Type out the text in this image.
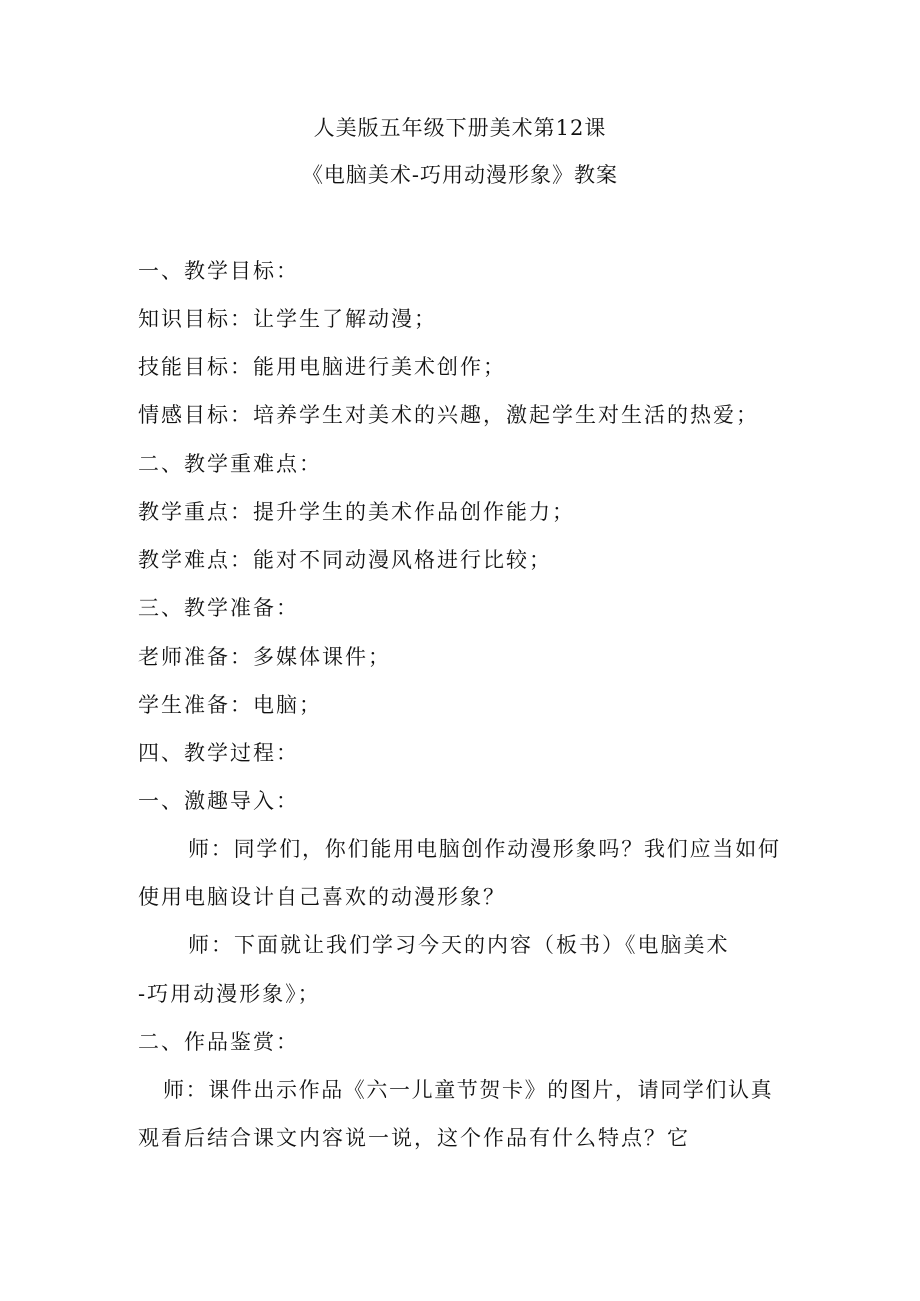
人美版五年级下册美术第12课
《电脑美术-巧用动漫形象》教案
一、教学目标：
知识目标：让学生了解动漫；
技能目标：能用电脑进行美术创作；
情感目标：培养学生对美术的兴趣，激起学生对生活的热爱；
二、教学重难点：
教学重点：提升学生的美术作品创作能力；
教学难点：能对不同动漫风格进行比较；
三、教学准备：
老师准备：多媒体课件；
学生准备：电脑；
四、教学过程：
一、激趣导入：
师：同学们，你们能用电脑创作动漫形象吗？我们应当如何
使用电脑设计自己喜欢的动漫形象？
师：下面就让我们学习今天的内容（板书）《电脑美术
-巧用动漫形象》；
二、作品鉴赏：
师：课件出示作品《六一儿童节贺卡》的图片，请同学们认真
观看后结合课文内容说一说，这个作品有什么特点？它
